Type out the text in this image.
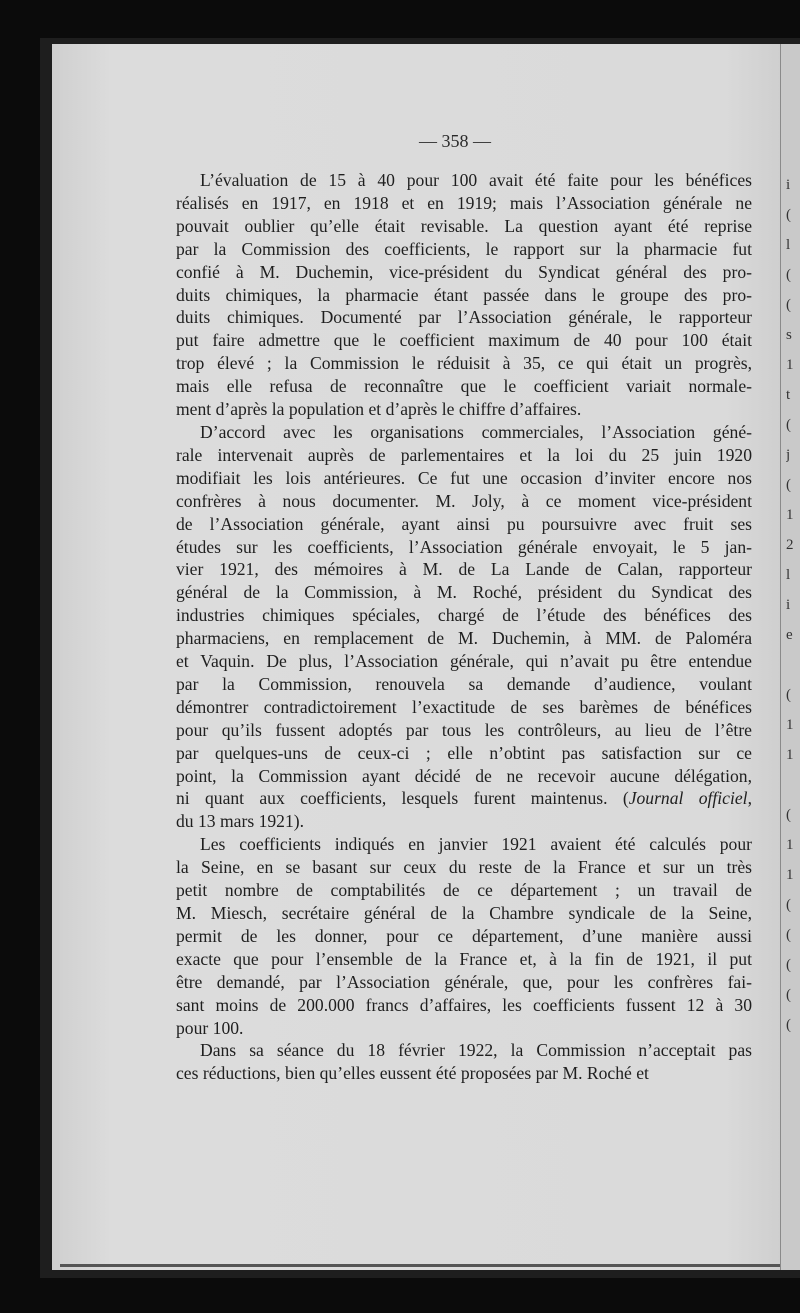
i
(
l
(
(
s
1
t
(
j
(
1
2
l
i
e
(
1
1
(
1
1
(
(
(
(
(
— 358 —

L’évaluation de 15 à 40 pour 100 avait été faite pour les bénéfices
réalisés en 1917, en 1918 et en 1919; mais l’Association générale ne
pouvait oublier qu’elle était revisable. La question ayant été reprise
par la Commission des coefficients, le rapport sur la pharmacie fut
confié à M. Duchemin, vice-président du Syndicat général des pro-
duits chimiques, la pharmacie étant passée dans le groupe des pro-
duits chimiques. Documenté par l’Association générale, le rapporteur
put faire admettre que le coefficient maximum de 40 pour 100 était
trop élevé ; la Commission le réduisit à 35, ce qui était un progrès,
mais elle refusa de reconnaître que le coefficient variait normale-
ment d’après la population et d’après le chiffre d’affaires.

D’accord avec les organisations commerciales, l’Association géné-
rale intervenait auprès de parlementaires et la loi du 25 juin 1920
modifiait les lois antérieures. Ce fut une occasion d’inviter encore nos
confrères à nous documenter. M. Joly, à ce moment vice-président
de l’Association générale, ayant ainsi pu poursuivre avec fruit ses
études sur les coefficients, l’Association générale envoyait, le 5 jan-
vier 1921, des mémoires à M. de La Lande de Calan, rapporteur
général de la Commission, à M. Roché, président du Syndicat des
industries chimiques spéciales, chargé de l’étude des bénéfices des
pharmaciens, en remplacement de M. Duchemin, à MM. de Paloméra
et Vaquin. De plus, l’Association générale, qui n’avait pu être entendue
par la Commission, renouvela sa demande d’audience, voulant
démontrer contradictoirement l’exactitude de ses barèmes de bénéfices
pour qu’ils fussent adoptés par tous les contrôleurs, au lieu de l’être
par quelques-uns de ceux-ci ; elle n’obtint pas satisfaction sur ce
point, la Commission ayant décidé de ne recevoir aucune délégation,
ni quant aux coefficients, lesquels furent maintenus. (Journal officiel,
du 13 mars 1921).

Les coefficients indiqués en janvier 1921 avaient été calculés pour
la Seine, en se basant sur ceux du reste de la France et sur un très
petit nombre de comptabilités de ce département ; un travail de
M. Miesch, secrétaire général de la Chambre syndicale de la Seine,
permit de les donner, pour ce département, d’une manière aussi
exacte que pour l’ensemble de la France et, à la fin de 1921, il put
être demandé, par l’Association générale, que, pour les confrères fai-
sant moins de 200.000 francs d’affaires, les coefficients fussent 12 à 30
pour 100.

Dans sa séance du 18 février 1922, la Commission n’acceptait pas
ces réductions, bien qu’elles eussent été proposées par M. Roché et
